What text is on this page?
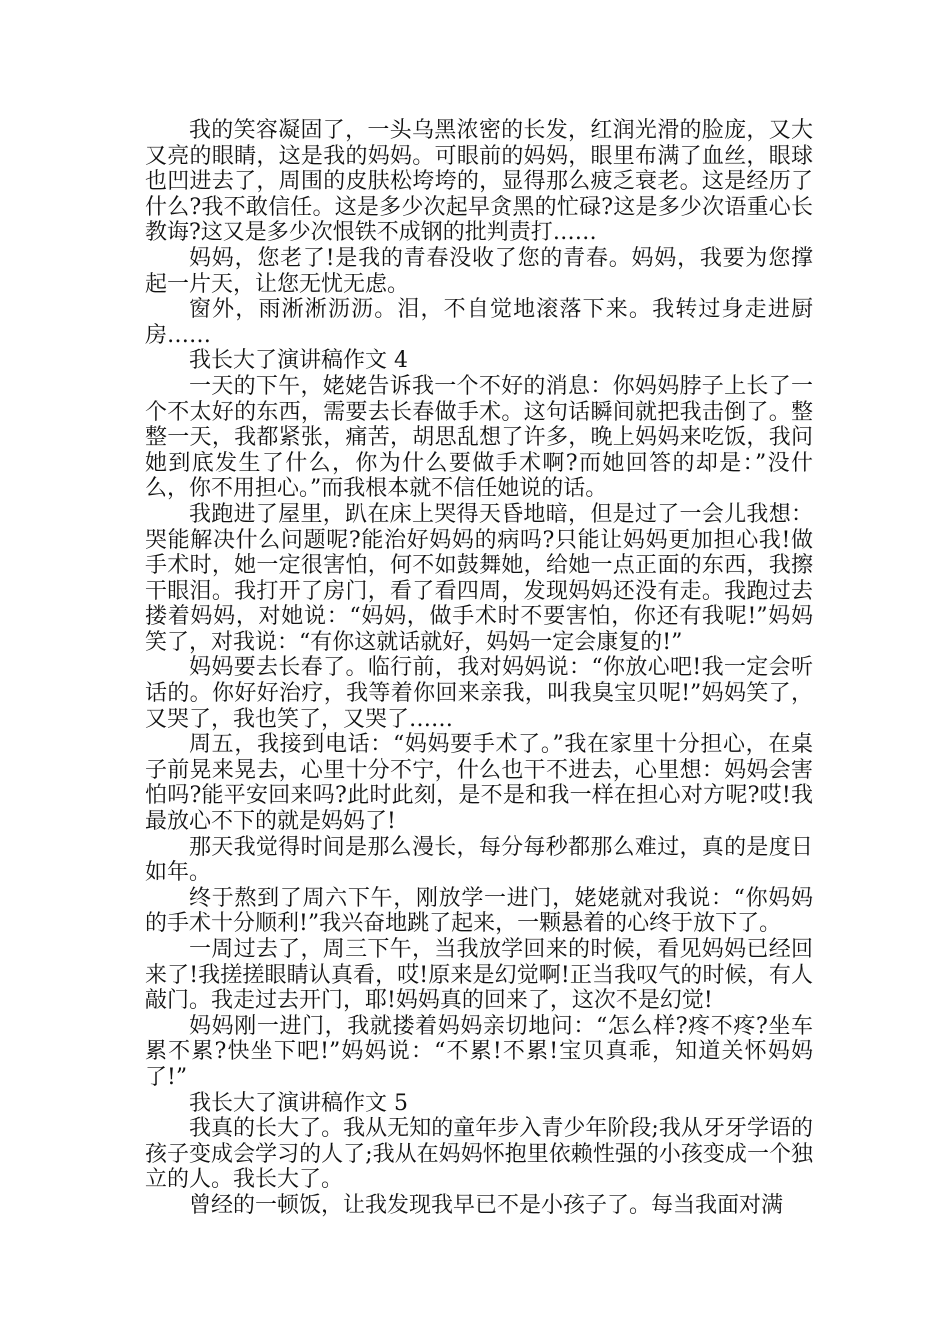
我的笑容凝固了，一头乌黑浓密的长发，红润光滑的脸庞，又大又亮的眼睛，这是我的妈妈。可眼前的妈妈，眼里布满了血丝，眼球也凹进去了，周围的皮肤松垮垮的，显得那么疲乏衰老。这是经历了什么?我不敢信任。这是多少次起早贪黑的忙碌?这是多少次语重心长教诲?这又是多少次恨铁不成钢的批判责打……

妈妈，您老了!是我的青春没收了您的青春。妈妈，我要为您撑起一片天，让您无忧无虑。

窗外，雨淅淅沥沥。泪，不自觉地滚落下来。我转过身走进厨房……

我长大了演讲稿作文 4

一天的下午，姥姥告诉我一个不好的消息：你妈妈脖子上长了一个不太好的东西，需要去长春做手术。这句话瞬间就把我击倒了。整整一天，我都紧张，痛苦，胡思乱想了许多，晚上妈妈来吃饭，我问她到底发生了什么，你为什么要做手术啊?而她回答的却是：”没什么，你不用担心。”而我根本就不信任她说的话。

我跑进了屋里，趴在床上哭得天昏地暗，但是过了一会儿我想：哭能解决什么问题呢?能治好妈妈的病吗?只能让妈妈更加担心我!做手术时，她一定很害怕，何不如鼓舞她，给她一点正面的东西，我擦干眼泪。我打开了房门，看了看四周，发现妈妈还没有走。我跑过去搂着妈妈，对她说：“妈妈，做手术时不要害怕，你还有我呢!”妈妈笑了，对我说：“有你这就话就好，妈妈一定会康复的!”

妈妈要去长春了。临行前，我对妈妈说：“你放心吧!我一定会听话的。你好好治疗，我等着你回来亲我，叫我臭宝贝呢!”妈妈笑了，又哭了，我也笑了，又哭了……

周五，我接到电话：“妈妈要手术了。”我在家里十分担心，在桌子前晃来晃去，心里十分不宁，什么也干不进去，心里想：妈妈会害怕吗?能平安回来吗?此时此刻，是不是和我一样在担心对方呢?哎!我最放心不下的就是妈妈了!

那天我觉得时间是那么漫长，每分每秒都那么难过，真的是度日如年。

终于熬到了周六下午，刚放学一进门，姥姥就对我说：“你妈妈的手术十分顺利!”我兴奋地跳了起来，一颗悬着的心终于放下了。

一周过去了，周三下午，当我放学回来的时候，看见妈妈已经回来了!我搓搓眼睛认真看，哎!原来是幻觉啊!正当我叹气的时候，有人敲门。我走过去开门，耶!妈妈真的回来了，这次不是幻觉!

妈妈刚一进门，我就搂着妈妈亲切地问：“怎么样?疼不疼?坐车累不累?快坐下吧!”妈妈说：“不累!不累!宝贝真乖，知道关怀妈妈了!”

我长大了演讲稿作文 5

我真的长大了。我从无知的童年步入青少年阶段;我从牙牙学语的孩子变成会学习的人了;我从在妈妈怀抱里依赖性强的小孩变成一个独立的人。我长大了。

曾经的一顿饭，让我发现我早已不是小孩子了。每当我面对满
